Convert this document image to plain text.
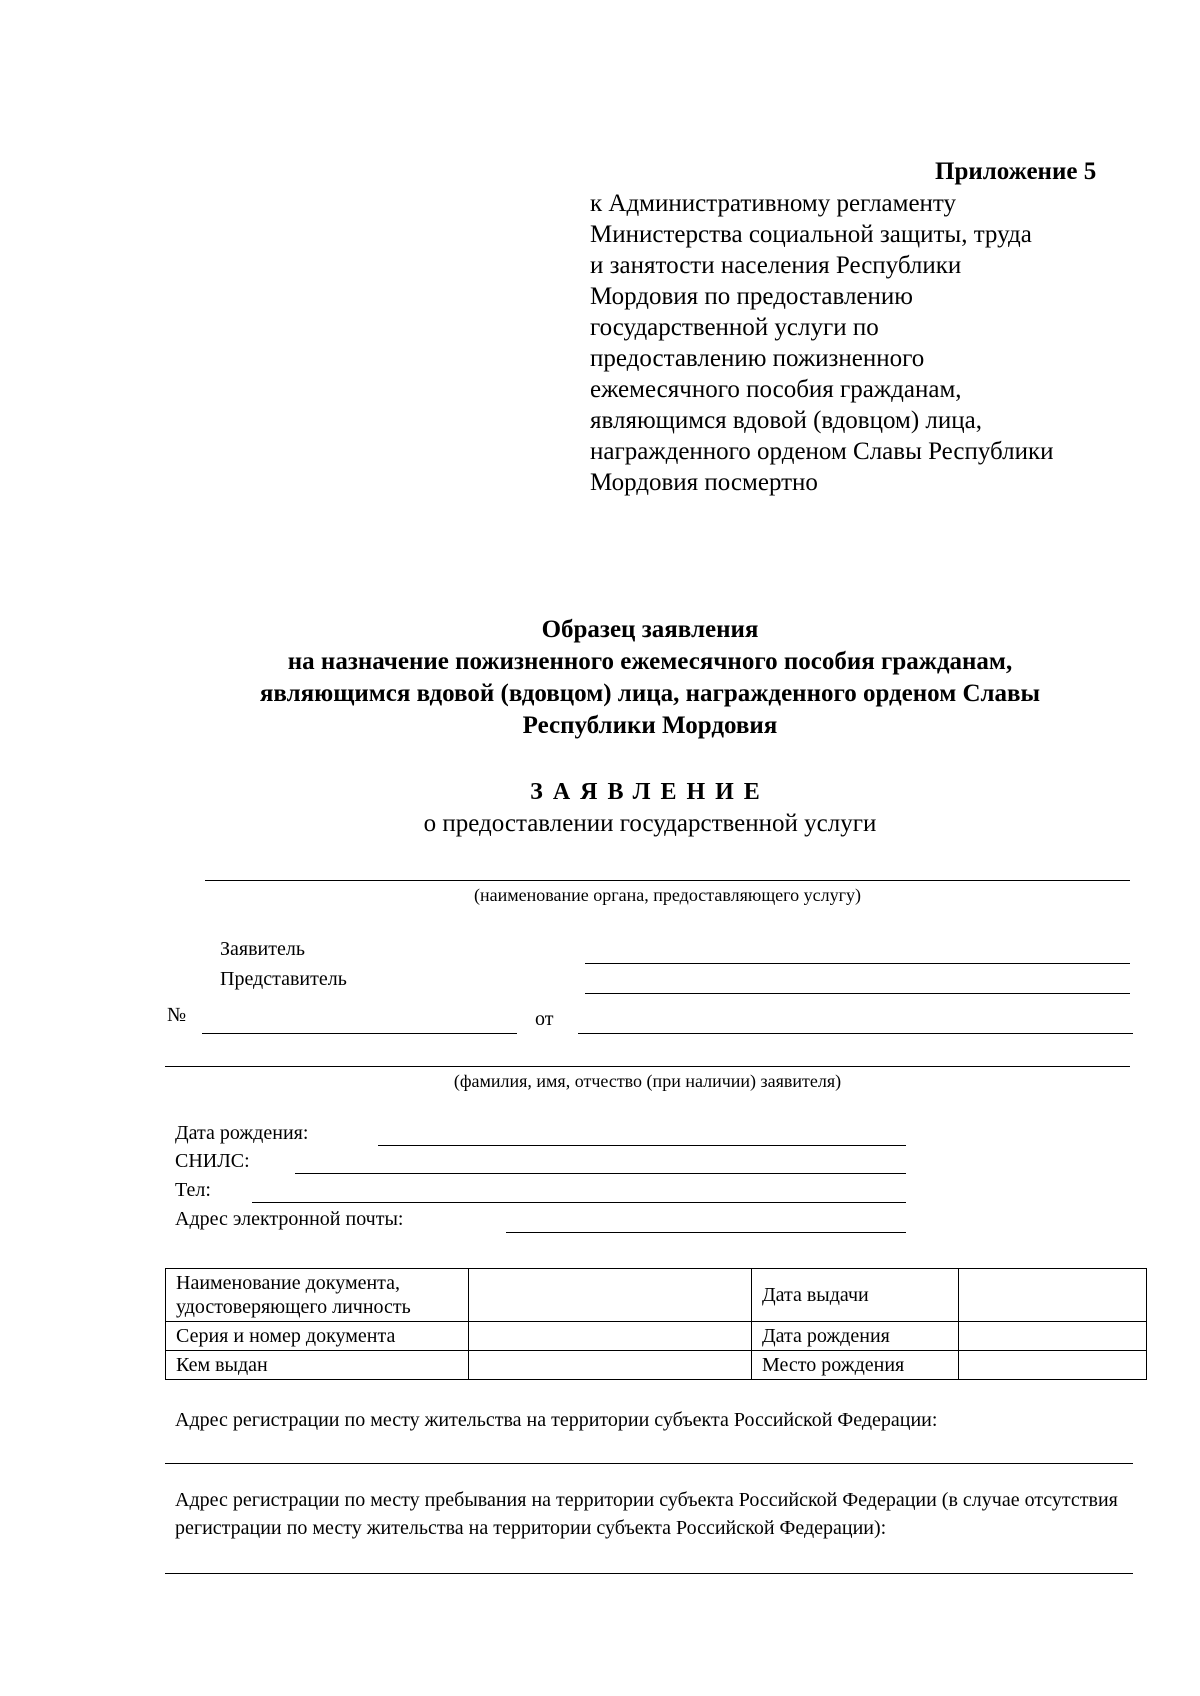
Приложение 5
к Административному регламенту
Министерства социальной защиты, труда
и занятости населения Республики
Мордовия по предоставлению
государственной услуги по
предоставлению пожизненного
ежемесячного пособия гражданам,
являющимся вдовой (вдовцом) лица,
награжденного орденом Славы Республики
Мордовия посмертно
Образец заявления
на назначение пожизненного ежемесячного пособия гражданам,
являющимся вдовой (вдовцом) лица, награжденного орденом Славы
Республики Мордовия
ЗАЯВЛЕНИЕ
о предоставлении государственной услуги
(наименование органа, предоставляющего услугу)
Заявитель
Представитель
№	от
(фамилия, имя, отчество (при наличии) заявителя)
Дата рождения:
СНИЛС:
Тел:
Адрес электронной почты:
Наименование документа, удостоверяющего личность		Дата выдачи	
Серия и номер документа		Дата рождения	
Кем выдан		Место рождения	
Адрес регистрации по месту жительства на территории субъекта Российской Федерации:
Адрес регистрации по месту пребывания на территории субъекта Российской Федерации (в случае отсутствия регистрации по месту жительства на территории субъекта Российской Федерации):
